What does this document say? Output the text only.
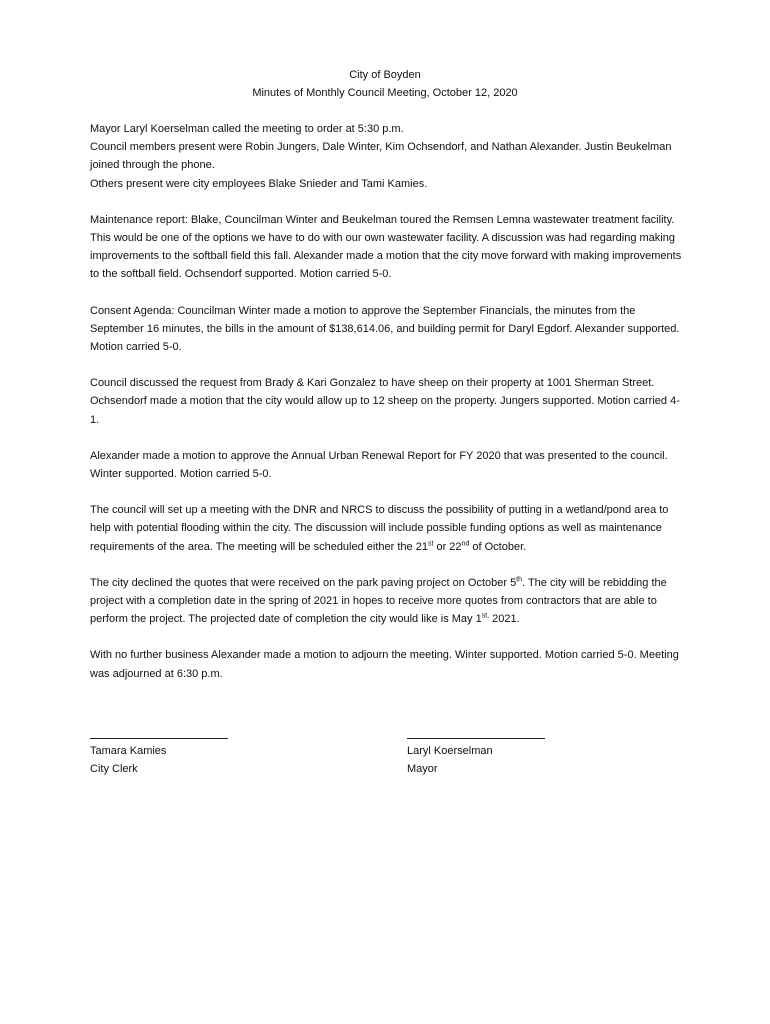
City of Boyden
Minutes of Monthly Council Meeting, October 12, 2020
Mayor Laryl Koerselman called the meeting to order at 5:30 p.m.
Council members present were Robin Jungers, Dale Winter, Kim Ochsendorf, and Nathan Alexander. Justin Beukelman joined through the phone.
Others present were city employees Blake Snieder and Tami Kamies.

Maintenance report: Blake, Councilman Winter and Beukelman toured the Remsen Lemna wastewater treatment facility. This would be one of the options we have to do with our own wastewater facility. A discussion was had regarding making improvements to the softball field this fall. Alexander made a motion that the city move forward with making improvements to the softball field. Ochsendorf supported. Motion carried 5-0.

Consent Agenda: Councilman Winter made a motion to approve the September Financials, the minutes from the September 16 minutes, the bills in the amount of $138,614.06, and building permit for Daryl Egdorf. Alexander supported. Motion carried 5-0.

Council discussed the request from Brady & Kari Gonzalez to have sheep on their property at 1001 Sherman Street. Ochsendorf made a motion that the city would allow up to 12 sheep on the property. Jungers supported. Motion carried 4-1.

Alexander made a motion to approve the Annual Urban Renewal Report for FY 2020 that was presented to the council. Winter supported. Motion carried 5-0.

The council will set up a meeting with the DNR and NRCS to discuss the possibility of putting in a wetland/pond area to help with potential flooding within the city. The discussion will include possible funding options as well as maintenance requirements of the area. The meeting will be scheduled either the 21st or 22nd of October.

The city declined the quotes that were received on the park paving project on October 5th. The city will be rebidding the project with a completion date in the spring of 2021 in hopes to receive more quotes from contractors that are able to perform the project. The projected date of completion the city would like is May $1^{st,}$ 2021.

With no further business Alexander made a motion to adjourn the meeting. Winter supported. Motion carried 5-0. Meeting was adjourned at 6:30 p.m.

Tamara Kamies
City Clerk
Laryl Koerselman
Mayor
